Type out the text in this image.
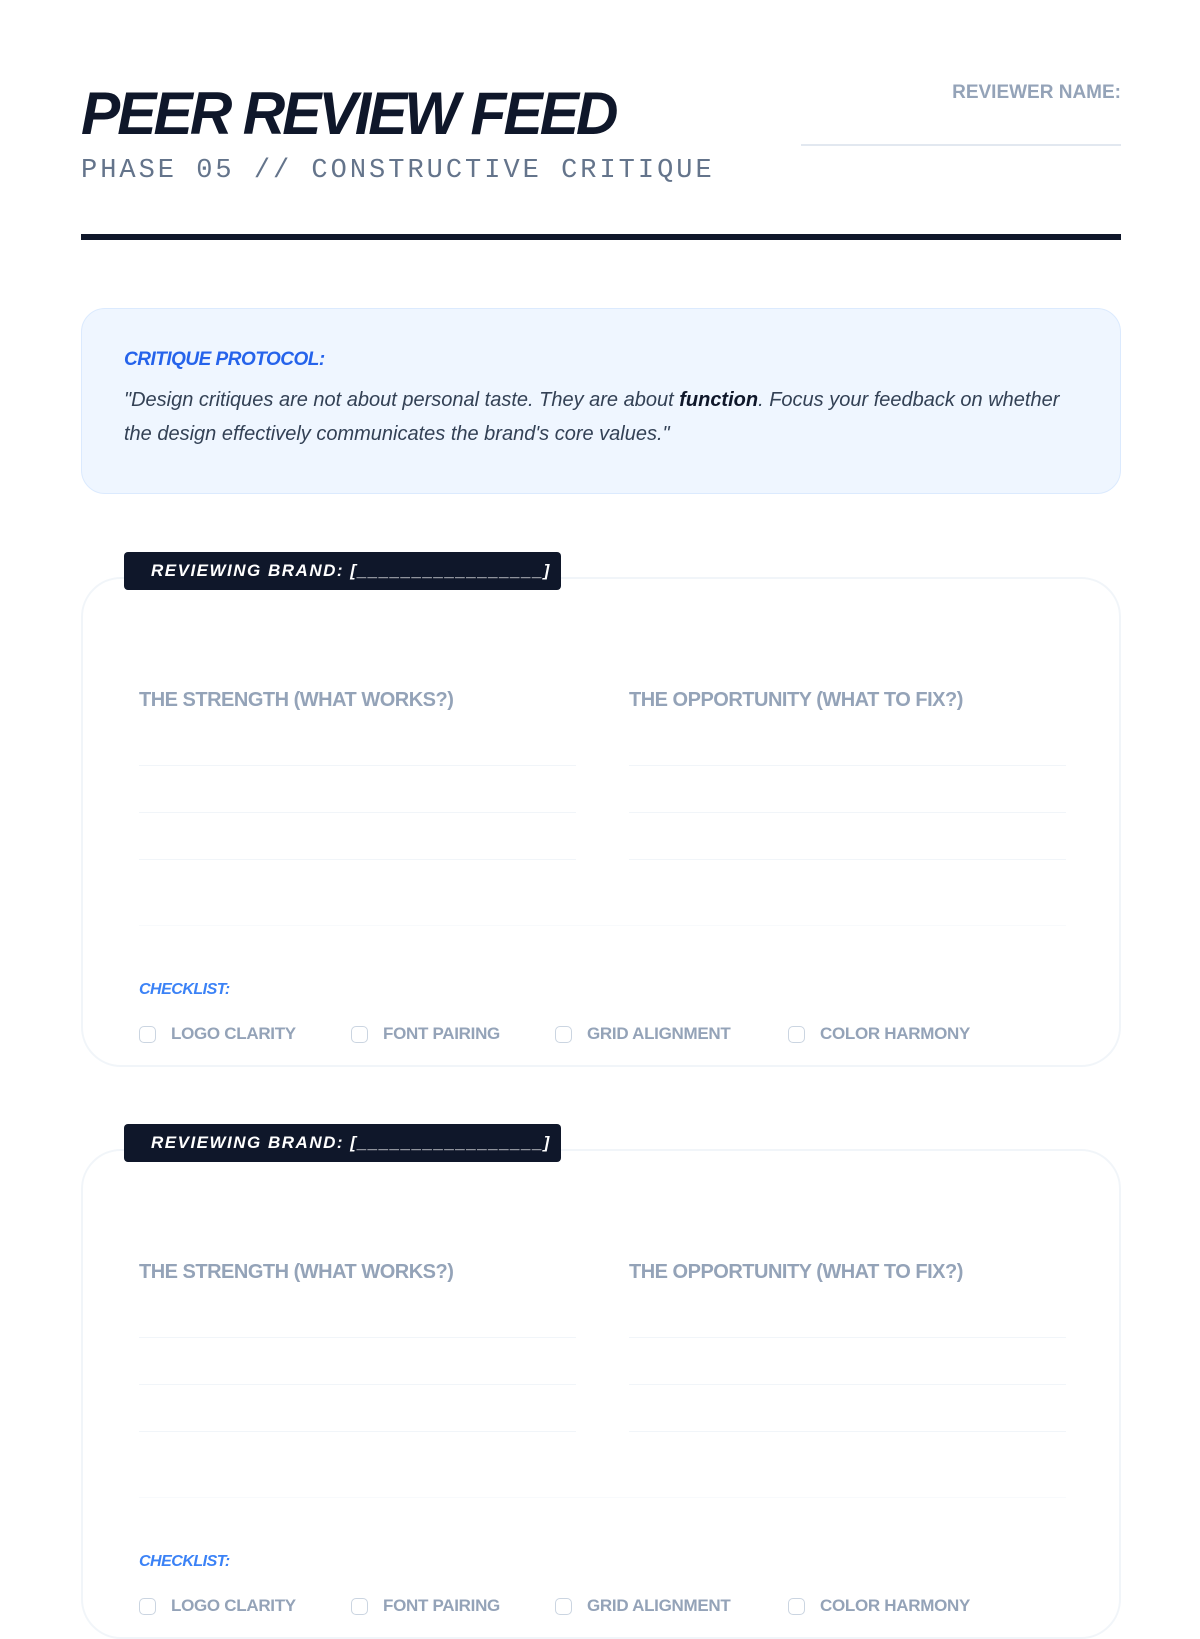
PEER REVIEW FEED
PHASE 05 // CONSTRUCTIVE CRITIQUE
REVIEWER NAME:

CRITIQUE PROTOCOL:

"Design critiques are not about personal taste. They are about function. Focus your feedback on whether the design effectively communicates the brand's core values."

REVIEWING BRAND: [_________________]
THE STRENGTH (WHAT WORKS?)	THE OPPORTUNITY (WHAT TO FIX?)
CHECKLIST:
LOGO CLARITY	FONT PAIRING	GRID ALIGNMENT	COLOR HARMONY
REVIEWING BRAND: [_________________]
THE STRENGTH (WHAT WORKS?)	THE OPPORTUNITY (WHAT TO FIX?)
CHECKLIST:
LOGO CLARITY	FONT PAIRING	GRID ALIGNMENT	COLOR HARMONY
